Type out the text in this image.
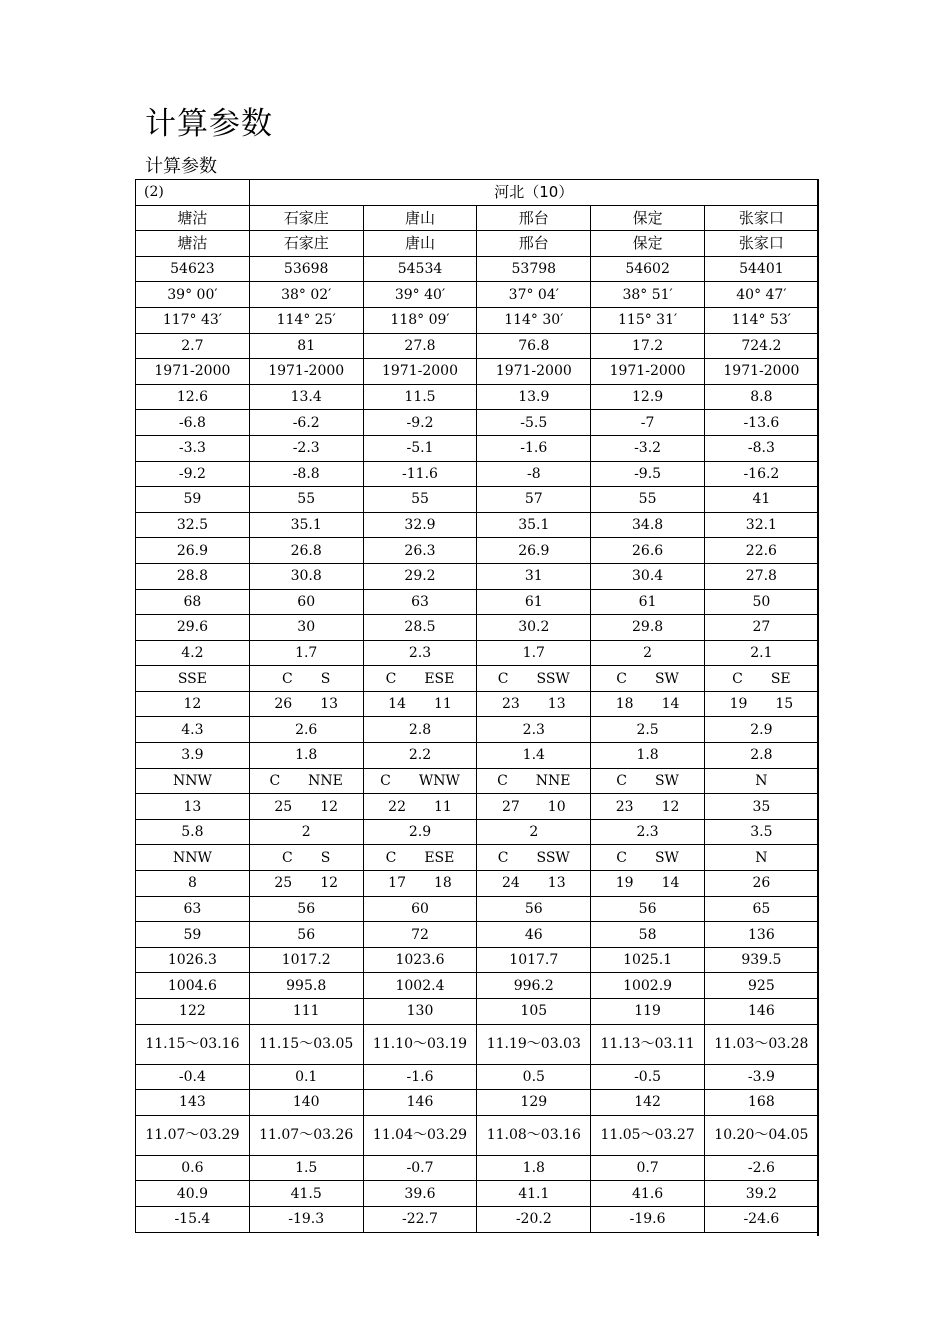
计算参数
计算参数
(2)	河北（10）				
塘沽	石家庄	唐山	邢台	保定	张家口
塘沽	石家庄	唐山	邢台	保定	张家口
54623	53698	54534	53798	54602	54401
39° 00′	38° 02′	39° 40′	37° 04′	38° 51′	40° 47′
117° 43′	114° 25′	118° 09′	114° 30′	115° 31′	114° 53′
2.7	81	27.8	76.8	17.2	724.2
1971-2000	1971-2000	1971-2000	1971-2000	1971-2000	1971-2000
12.6	13.4	11.5	13.9	12.9	8.8
-6.8	-6.2	-9.2	-5.5	-7	-13.6
-3.3	-2.3	-5.1	-1.6	-3.2	-8.3
-9.2	-8.8	-11.6	-8	-9.5	-16.2
59	55	55	57	55	41
32.5	35.1	32.9	35.1	34.8	32.1
26.9	26.8	26.3	26.9	26.6	22.6
28.8	30.8	29.2	31	30.4	27.8
68	60	63	61	61	50
29.6	30	28.5	30.2	29.8	27
4.2	1.7	2.3	1.7	2	2.1
SSE	C　　S	C　　ESE	C　　SSW	C　　SW	C　　SE
12	26　　13	14　　11	23　　13	18　　14	19　　15
4.3	2.6	2.8	2.3	2.5	2.9
3.9	1.8	2.2	1.4	1.8	2.8
NNW	C　　NNE	C　　WNW	C　　NNE	C　　SW	N
13	25　　12	22　　11	27　　10	23　　12	35
5.8	2	2.9	2	2.3	3.5
NNW	C　　S	C　　ESE	C　　SSW	C　　SW	N
8	25　　12	17　　18	24　　13	19　　14	26
63	56	60	56	56	65
59	56	72	46	58	136
1026.3	1017.2	1023.6	1017.7	1025.1	939.5
1004.6	995.8	1002.4	996.2	1002.9	925
122	111	130	105	119	146
11.15～03.16	11.15～03.05	11.10～03.19	11.19～03.03	11.13～03.11	11.03～03.28
-0.4	0.1	-1.6	0.5	-0.5	-3.9
143	140	146	129	142	168
11.07～03.29	11.07～03.26	11.04～03.29	11.08～03.16	11.05～03.27	10.20～04.05
0.6	1.5	-0.7	1.8	0.7	-2.6
40.9	41.5	39.6	41.1	41.6	39.2
-15.4	-19.3	-22.7	-20.2	-19.6	-24.6
